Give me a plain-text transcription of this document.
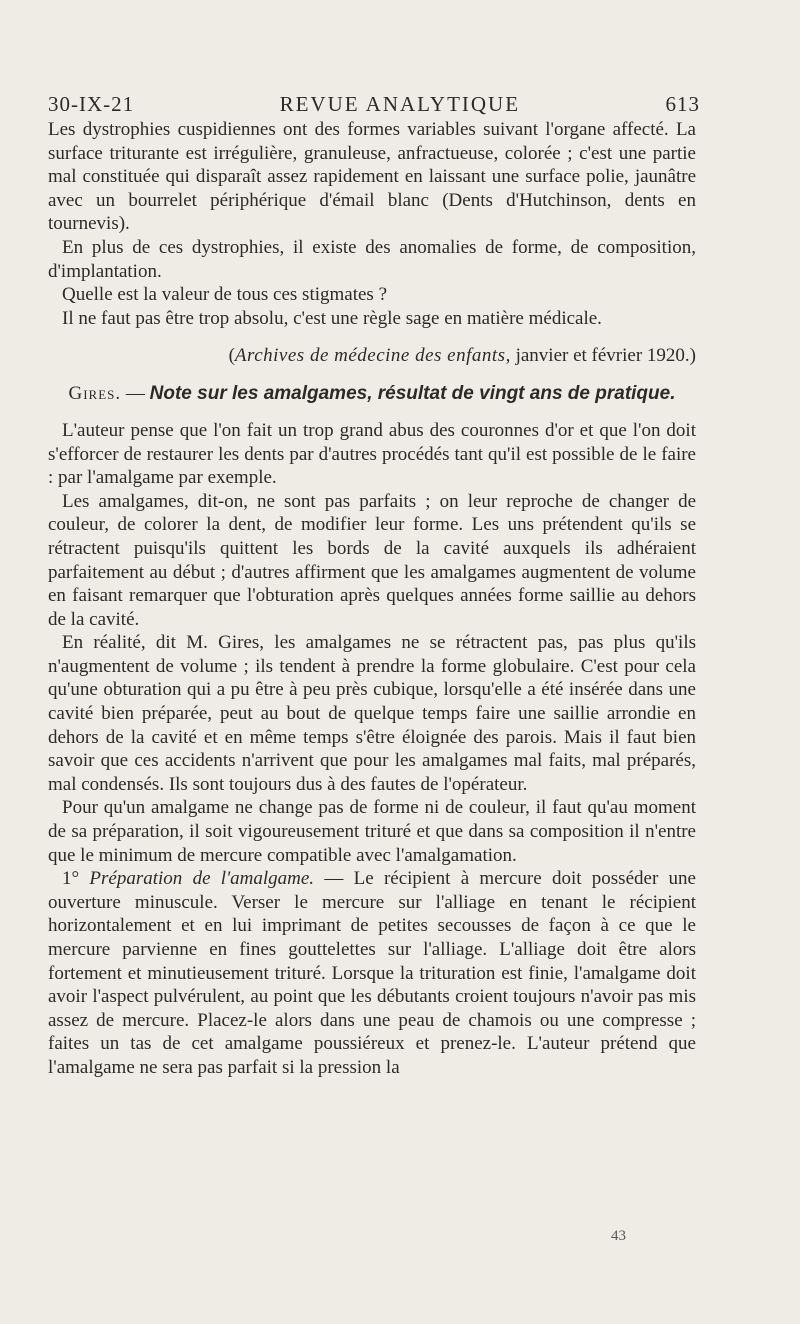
30-IX-21	REVUE ANALYTIQUE	613

Les dystrophies cuspidiennes ont des formes variables suivant l'organe affecté. La surface triturante est irrégulière, granuleuse, anfractueuse, colorée ; c'est une partie mal constituée qui disparaît assez rapidement en laissant une surface polie, jaunâtre avec un bourrelet périphérique d'émail blanc (Dents d'Hutchinson, dents en tournevis).

En plus de ces dystrophies, il existe des anomalies de forme, de composition, d'implantation.

Quelle est la valeur de tous ces stigmates ?

Il ne faut pas être trop absolu, c'est une règle sage en matière médicale.

(Archives de médecine des enfants, janvier et février 1920.)

Gires. — Note sur les amalgames, résultat de vingt ans de pratique.

L'auteur pense que l'on fait un trop grand abus des couronnes d'or et que l'on doit s'efforcer de restaurer les dents par d'autres procédés tant qu'il est possible de le faire : par l'amalgame par exemple.

Les amalgames, dit-on, ne sont pas parfaits ; on leur reproche de changer de couleur, de colorer la dent, de modifier leur forme. Les uns prétendent qu'ils se rétractent puisqu'ils quittent les bords de la cavité auxquels ils adhéraient parfaitement au début ; d'autres affirment que les amalgames augmentent de volume en faisant remarquer que l'obturation après quelques années forme saillie au dehors de la cavité.

En réalité, dit M. Gires, les amalgames ne se rétractent pas, pas plus qu'ils n'augmentent de volume ; ils tendent à prendre la forme globulaire. C'est pour cela qu'une obturation qui a pu être à peu près cubique, lorsqu'elle a été insérée dans une cavité bien préparée, peut au bout de quelque temps faire une saillie arrondie en dehors de la cavité et en même temps s'être éloignée des parois. Mais il faut bien savoir que ces accidents n'arrivent que pour les amalgames mal faits, mal préparés, mal condensés. Ils sont toujours dus à des fautes de l'opérateur.

Pour qu'un amalgame ne change pas de forme ni de couleur, il faut qu'au moment de sa préparation, il soit vigoureusement trituré et que dans sa composition il n'entre que le minimum de mercure compatible avec l'amalgamation.

1° Préparation de l'amalgame. — Le récipient à mercure doit posséder une ouverture minuscule. Verser le mercure sur l'alliage en tenant le récipient horizontalement et en lui imprimant de petites secousses de façon à ce que le mercure parvienne en fines gouttelettes sur l'alliage. L'alliage doit être alors fortement et minutieusement trituré. Lorsque la trituration est finie, l'amalgame doit avoir l'aspect pulvérulent, au point que les débutants croient toujours n'avoir pas mis assez de mercure. Placez-le alors dans une peau de chamois ou une compresse ; faites un tas de cet amalgame poussiéreux et prenez-le. L'auteur prétend que l'amalgame ne sera pas parfait si la pression la

43
